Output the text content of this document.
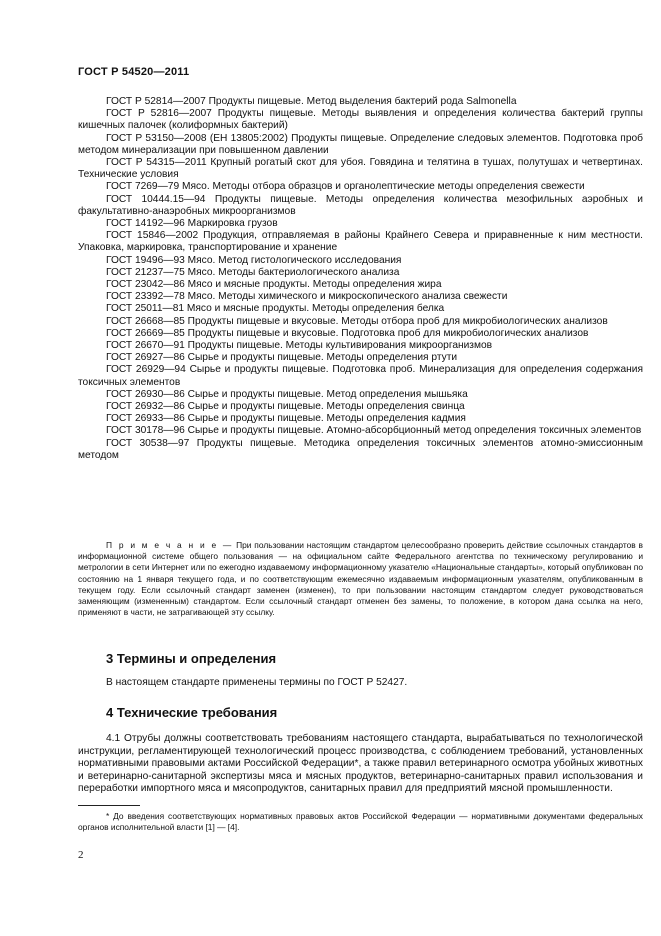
ГОСТ Р 54520—2011

ГОСТ Р 52814—2007 Продукты пищевые. Метод выделения бактерий рода Salmonella

ГОСТ Р 52816—2007 Продукты пищевые. Методы выявления и определения количества бактерий группы кишечных палочек (колиформных бактерий)

ГОСТ Р 53150—2008 (ЕН 13805:2002) Продукты пищевые. Определение следовых элементов. Подготовка проб методом минерализации при повышенном давлении

ГОСТ Р 54315—2011 Крупный рогатый скот для убоя. Говядина и телятина в тушах, полутушах и четвертинах. Технические условия

ГОСТ 7269—79 Мясо. Методы отбора образцов и органолептические методы определения свежести

ГОСТ 10444.15—94 Продукты пищевые. Методы определения количества мезофильных аэробных и факультативно-анаэробных микроорганизмов

ГОСТ 14192—96 Маркировка грузов

ГОСТ 15846—2002 Продукция, отправляемая в районы Крайнего Севера и приравненные к ним местности. Упаковка, маркировка, транспортирование и хранение

ГОСТ 19496—93 Мясо. Метод гистологического исследования

ГОСТ 21237—75 Мясо. Методы бактериологического анализа

ГОСТ 23042—86 Мясо и мясные продукты. Методы определения жира

ГОСТ 23392—78 Мясо. Методы химического и микроскопического анализа свежести

ГОСТ 25011—81 Мясо и мясные продукты. Методы определения белка

ГОСТ 26668—85 Продукты пищевые и вкусовые. Методы отбора проб для микробиологических анализов

ГОСТ 26669—85 Продукты пищевые и вкусовые. Подготовка проб для микробиологических анализов

ГОСТ 26670—91 Продукты пищевые. Методы культивирования микроорганизмов

ГОСТ 26927—86 Сырье и продукты пищевые. Методы определения ртути

ГОСТ 26929—94 Сырье и продукты пищевые. Подготовка проб. Минерализация для определения содержания токсичных элементов

ГОСТ 26930—86 Сырье и продукты пищевые. Метод определения мышьяка

ГОСТ 26932—86 Сырье и продукты пищевые. Методы определения свинца

ГОСТ 26933—86 Сырье и продукты пищевые. Методы определения кадмия

ГОСТ 30178—96 Сырье и продукты пищевые. Атомно-абсорбционный метод определения токсичных элементов

ГОСТ 30538—97 Продукты пищевые. Методика определения токсичных элементов атомно-эмиссионным методом

П р и м е ч а н и е — При пользовании настоящим стандартом целесообразно проверить действие ссылочных стандартов в информационной системе общего пользования — на официальном сайте Федерального агентства по техническому регулированию и метрологии в сети Интернет или по ежегодно издаваемому информационному указателю «Национальные стандарты», который опубликован по состоянию на 1 января текущего года, и по соответствующим ежемесячно издаваемым информационным указателям, опубликованным в текущем году. Если ссылочный стандарт заменен (изменен), то при пользовании настоящим стандартом следует руководствоваться заменяющим (измененным) стандартом. Если ссылочный стандарт отменен без замены, то положение, в котором дана ссылка на него, применяют в части, не затрагивающей эту ссылку.

3 Термины и определения
В настоящем стандарте применены термины по ГОСТ Р 52427.
4 Технические требования

4.1 Отрубы должны соответствовать требованиям настоящего стандарта, вырабатываться по технологической инструкции, регламентирующей технологический процесс производства, с соблюдением требований, установленных нормативными правовыми актами Российской Федерации*, а также правил ветеринарного осмотра убойных животных и ветеринарно-санитарной экспертизы мяса и мясных продуктов, ветеринарно-санитарных правил использования и переработки импортного мяса и мясопродуктов, санитарных правил для предприятий мясной промышленности.

* До введения соответствующих нормативных правовых актов Российской Федерации — нормативными документами федеральных органов исполнительной власти [1] — [4].

2
